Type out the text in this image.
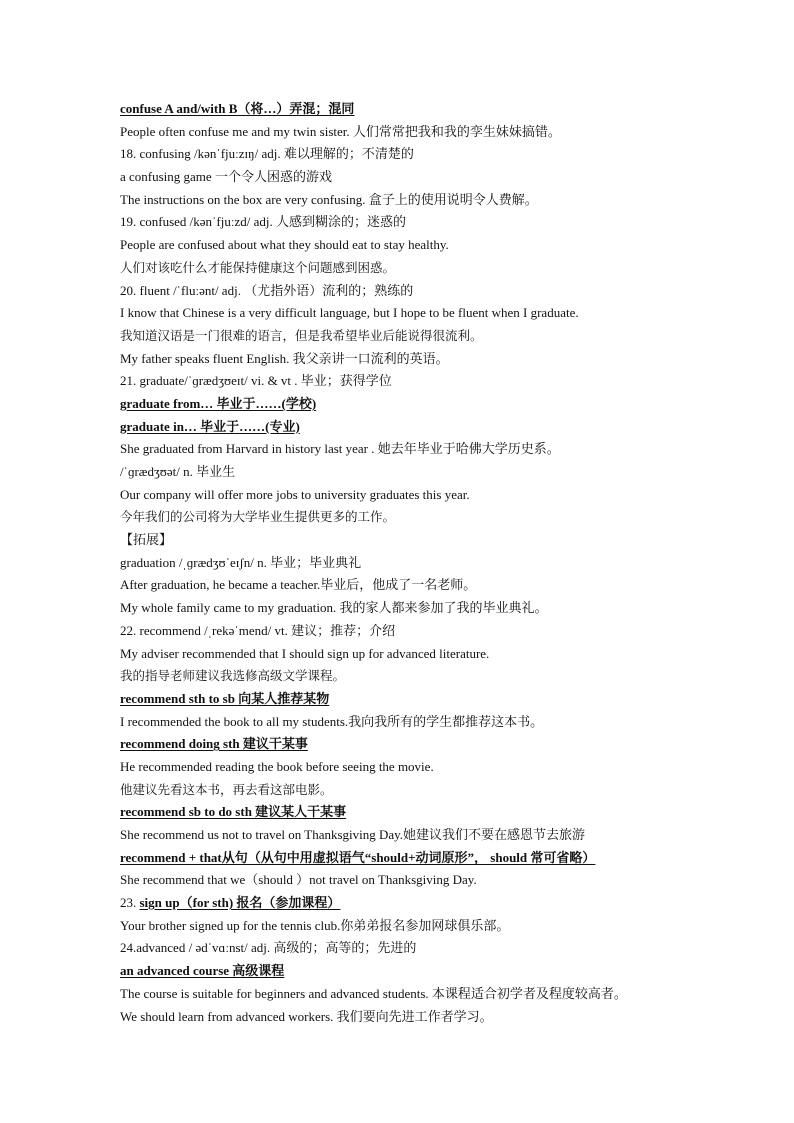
confuse A and/with B（将…）弄混；混同
People often confuse me and my twin sister. 人们常常把我和我的孪生妹妹搞错。
18. confusing /kənˈfjuːzɪŋ/ adj. 难以理解的；不清楚的
a confusing game 一个令人困惑的游戏
The instructions on the box are very confusing. 盒子上的使用说明令人费解。
19. confused /kənˈfjuːzd/ adj. 人感到糊涂的；迷惑的
People are confused about what they should eat to stay healthy.
人们对该吃什么才能保持健康这个问题感到困惑。
20. fluent /ˈfluːənt/ adj. （尤指外语）流利的；熟练的
I know that Chinese is a very difficult language, but I hope to be fluent when I graduate.
我知道汉语是一门很难的语言，但是我希望毕业后能说得很流利。
My father speaks fluent English. 我父亲讲一口流利的英语。
21. graduate/ˈɡrædʒʊeɪt/ vi. & vt . 毕业；获得学位
graduate from… 毕业于……(学校)
graduate in… 毕业于……(专业)
She graduated from Harvard in history last year . 她去年毕业于哈佛大学历史系。
/ˈɡrædʒʊət/ n. 毕业生
Our company will offer more jobs to university graduates this year.
今年我们的公司将为大学毕业生提供更多的工作。
【拓展】
graduation /ˌɡrædʒʊˈeɪʃn/ n. 毕业；毕业典礼
After graduation, he became a teacher.毕业后，他成了一名老师。
My whole family came to my graduation. 我的家人都来参加了我的毕业典礼。
22. recommend /ˌrekəˈmend/ vt. 建议；推荐；介绍
My adviser recommended that I should sign up for advanced literature.
我的指导老师建议我选修高级文学课程。
recommend sth to sb 向某人推荐某物
I recommended the book to all my students.我向我所有的学生都推荐这本书。
recommend doing sth 建议干某事
He recommended reading the book before seeing the movie.
他建议先看这本书，再去看这部电影。
recommend sb to do sth 建议某人干某事
She recommend us not to travel on Thanksgiving Day.她建议我们不要在感恩节去旅游
recommend + that从句（从句中用虚拟语气“should+动词原形”， should 常可省略）
She recommend that we（should ）not travel on Thanksgiving Day.
23. sign up（for sth) 报名（参加课程）
Your brother signed up for the tennis club.你弟弟报名参加网球俱乐部。
24.advanced / ədˈvɑːnst/ adj. 高级的；高等的；先进的
an advanced course 高级课程
The course is suitable for beginners and advanced students. 本课程适合初学者及程度较高者。
We should learn from advanced workers. 我们要向先进工作者学习。
